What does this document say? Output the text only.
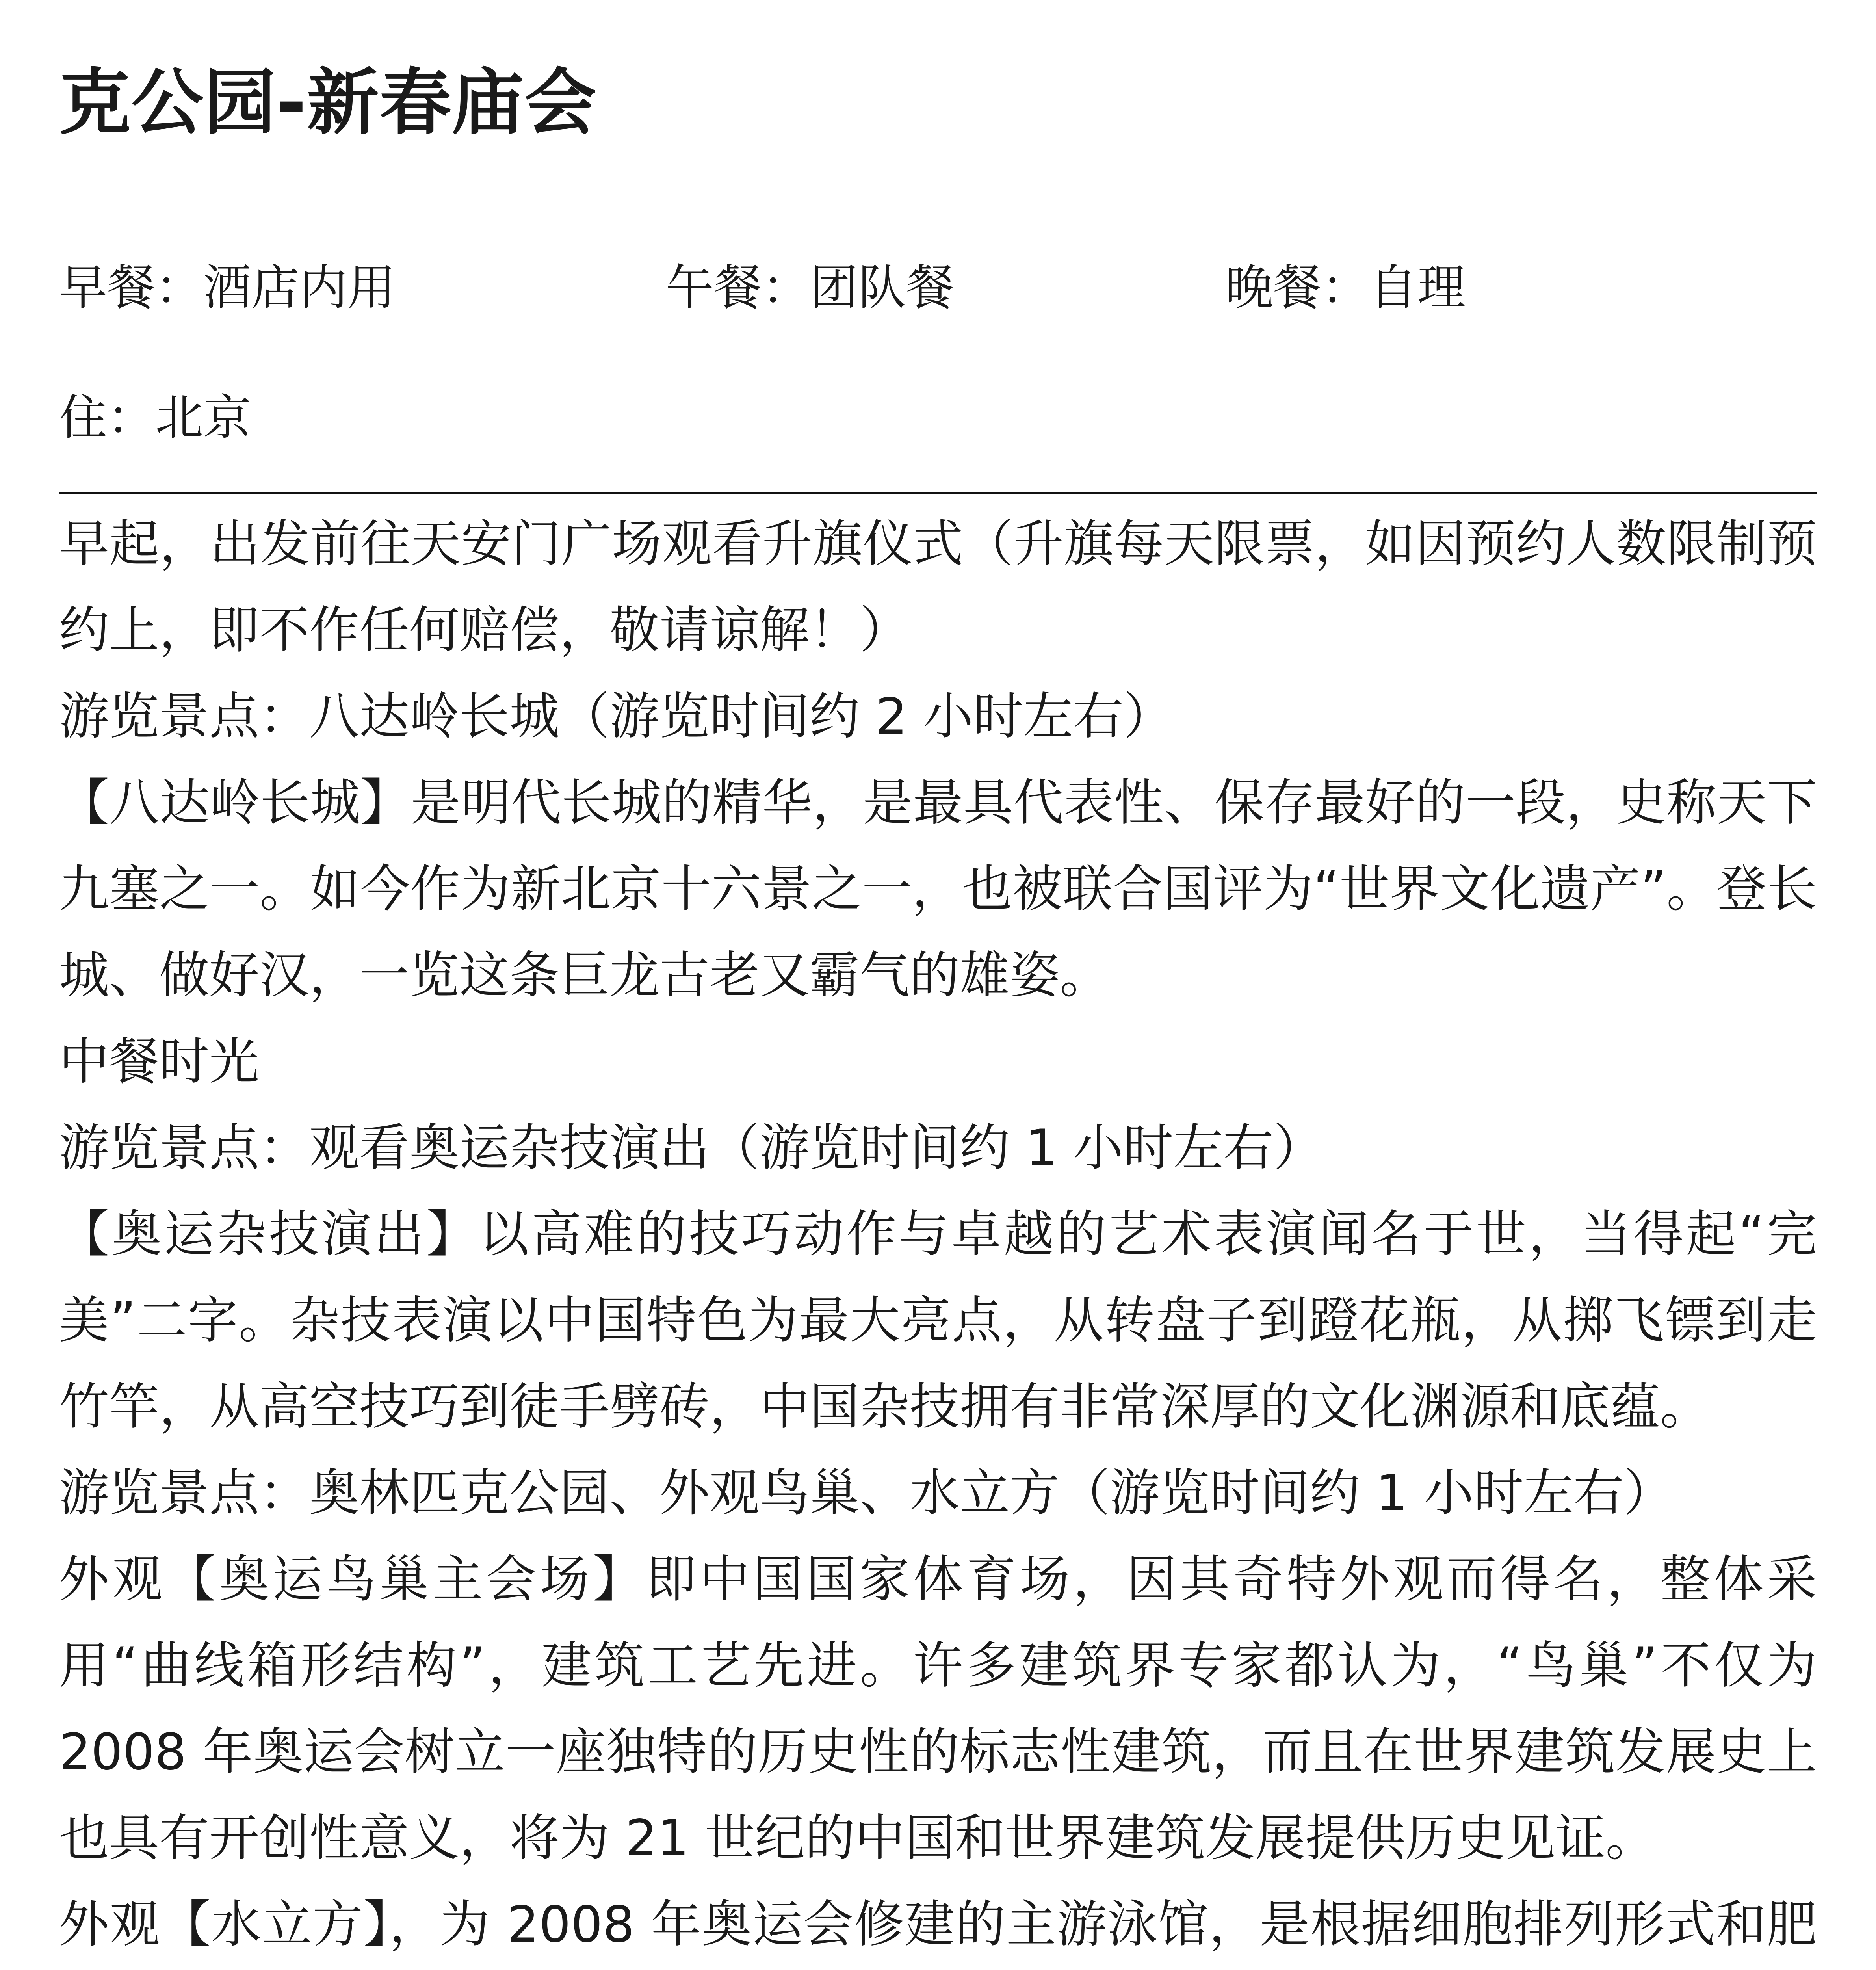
克公园-新春庙会
早餐：酒店内用	午餐：团队餐	晚餐：自理
住：北京

早起，出发前往天安门广场观看升旗仪式（升旗每天限票，如因预约人数限制预约上，即不作任何赔偿，敬请谅解！）

游览景点：八达岭长城（游览时间约 2 小时左右）

【八达岭长城】是明代长城的精华，是最具代表性、保存最好的一段，史称天下九塞之一。如今作为新北京十六景之一，也被联合国评为“世界文化遗产”。登长城、做好汉，一览这条巨龙古老又霸气的雄姿。

中餐时光

游览景点：观看奥运杂技演出（游览时间约 1 小时左右）

【奥运杂技演出】以高难的技巧动作与卓越的艺术表演闻名于世，当得起“完美”二字。杂技表演以中国特色为最大亮点，从转盘子到蹬花瓶，从掷飞镖到走竹竿，从高空技巧到徒手劈砖，中国杂技拥有非常深厚的文化渊源和底蕴。

游览景点：奥林匹克公园、外观鸟巢、水立方（游览时间约 1 小时左右）

外观【奥运鸟巢主会场】即中国国家体育场，因其奇特外观而得名，整体采用“曲线箱形结构”，建筑工艺先进。许多建筑界专家都认为，“鸟巢”不仅为 2008 年奥运会树立一座独特的历史性的标志性建筑，而且在世界建筑发展史上也具有开创性意义，将为 21 世纪的中国和世界建筑发展提供历史见证。

外观【水立方】，为 2008 年奥运会修建的主游泳馆，是根据细胞排列形式和肥
